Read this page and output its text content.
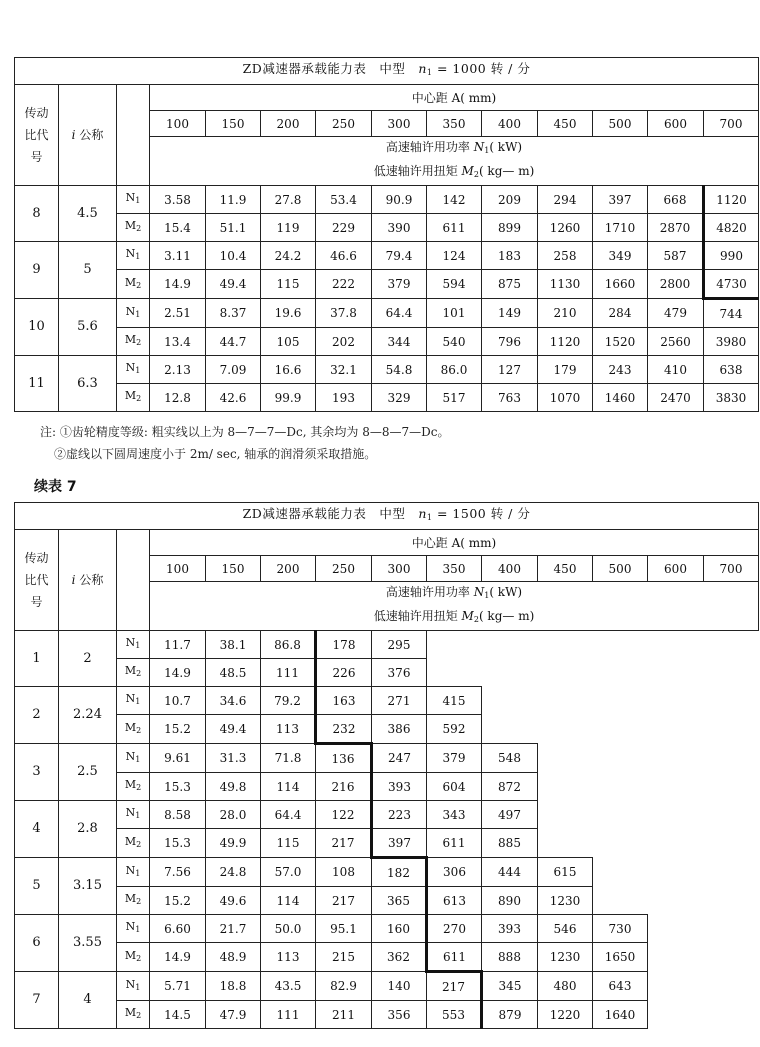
ZD减速器承载能力表　中型　$n_1 = 1000$ 转 / 分													

传动
比代
号	i 公称		中心距 A( mm)										
			100	150	200	250	300	350	400	450	500	600	700

			高速轴许用功率 $N_1$( kW)
低速轴许用扭矩 $M_2$( kg— m)										

8	4.5	$N_1$	3.58	11.9	27.8	53.4	90.9	142	209	294	397	668	1120
		$M_2$	15.4	51.1	119	229	390	611	899	1260	1710	2870	4820
9	5	$N_1$	3.11	10.4	24.2	46.6	79.4	124	183	258	349	587	990
		$M_2$	14.9	49.4	115	222	379	594	875	1130	1660	2800	4730
10	5.6	$N_1$	2.51	8.37	19.6	37.8	64.4	101	149	210	284	479	744
		$M_2$	13.4	44.7	105	202	344	540	796	1120	1520	2560	3980
11	6.3	$N_1$	2.13	7.09	16.6	32.1	54.8	86.0	127	179	243	410	638
		$M_2$	12.8	42.6	99.9	193	329	517	763	1070	1460	2470	3830
注: ①齿轮精度等级: 粗实线以上为 8—7—7—Dc, 其余均为 8—8—7—Dc。
②虚线以下圆周速度小于 2m/ sec, 轴承的润滑须采取措施。
续表 7
ZD减速器承载能力表　中型　$n_1 = 1500$ 转 / 分													

传动
比代
号	i 公称		中心距 A( mm)										
			100	150	200	250	300	350	400	450	500	600	700

			高速轴许用功率 $N_1$( kW)
低速轴许用扭矩 $M_2$( kg— m)										

1	2	$N_1$	11.7	38.1	86.8	178	295						
		$M_2$	14.9	48.5	111	226	376						
2	2.24	$N_1$	10.7	34.6	79.2	163	271	415					
		$M_2$	15.2	49.4	113	232	386	592					
3	2.5	$N_1$	9.61	31.3	71.8	136	247	379	548				
		$M_2$	15.3	49.8	114	216	393	604	872				
4	2.8	$N_1$	8.58	28.0	64.4	122	223	343	497				
		$M_2$	15.3	49.9	115	217	397	611	885				
5	3.15	$N_1$	7.56	24.8	57.0	108	182	306	444	615			
		$M_2$	15.2	49.6	114	217	365	613	890	1230			
6	3.55	$N_1$	6.60	21.7	50.0	95.1	160	270	393	546	730		
		$M_2$	14.9	48.9	113	215	362	611	888	1230	1650		
7	4	$N_1$	5.71	18.8	43.5	82.9	140	217	345	480	643		
		$M_2$	14.5	47.9	111	211	356	553	879	1220	1640		
